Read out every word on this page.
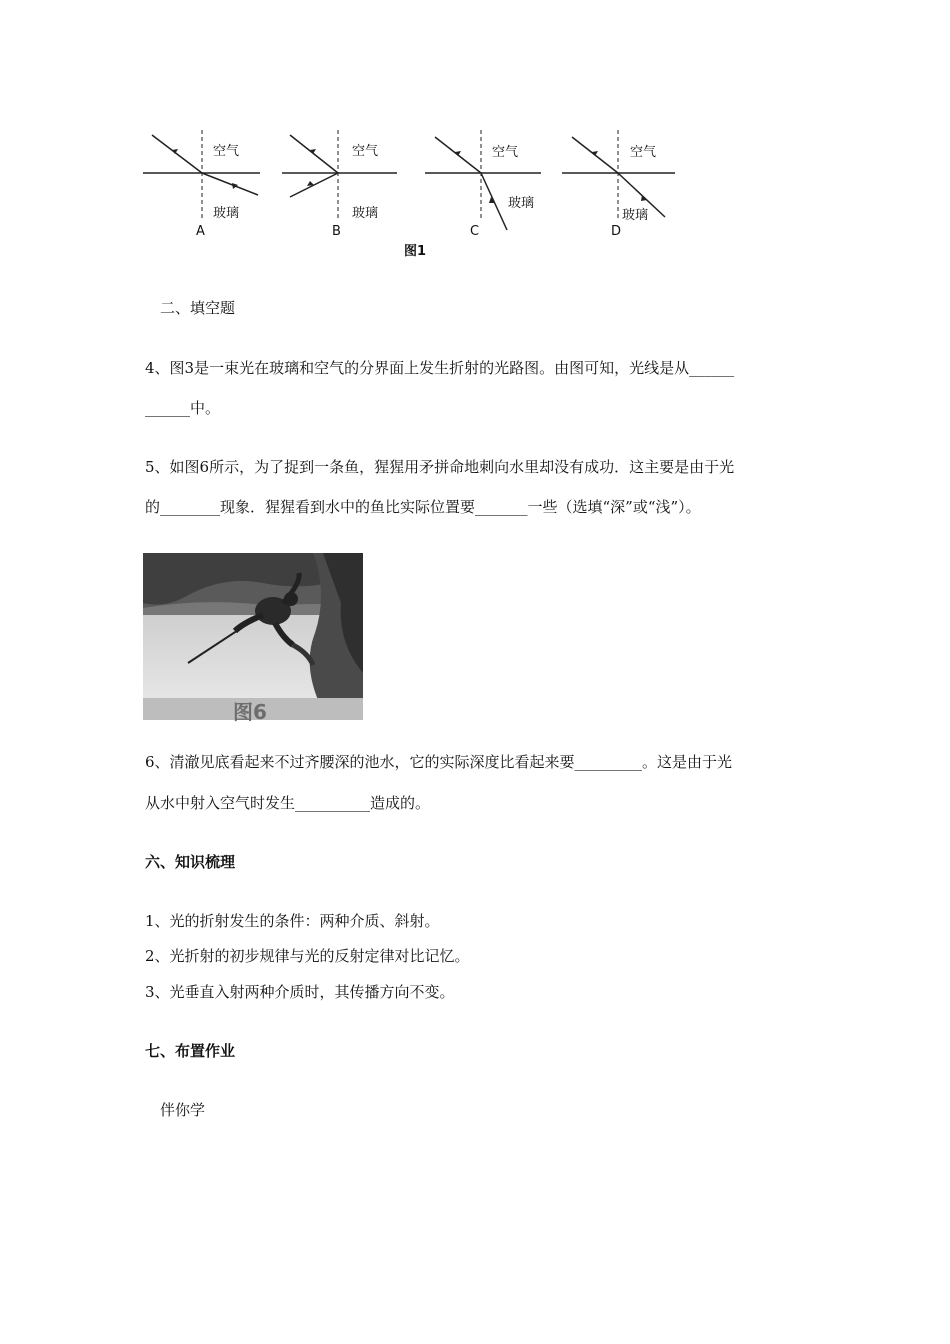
空气
玻璃
A
空气
玻璃
B
空气
玻璃
C
空气
玻璃
D
图1
二、填空题
4、图3是一束光在玻璃和空气的分界面上发生折射的光路图。由图可知，光线是从______
______中。
5、如图6所示，为了捉到一条鱼，猩猩用矛拼命地刺向水里却没有成功．这主要是由于光
的________现象．猩猩看到水中的鱼比实际位置要_______一些（选填“深”或“浅”）。
图6
6、清澈见底看起来不过齐腰深的池水，它的实际深度比看起来要_________。这是由于光
从水中射入空气时发生__________造成的。
六、知识梳理
1、光的折射发生的条件：两种介质、斜射。
2、光折射的初步规律与光的反射定律对比记忆。
3、光垂直入射两种介质时，其传播方向不变。
七、布置作业
伴你学
